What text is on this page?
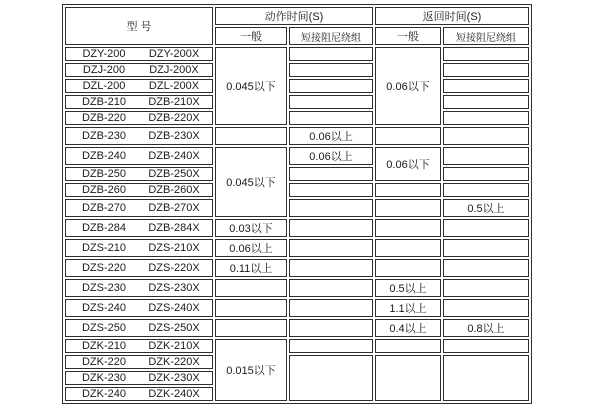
型 号	动作时间(S)		返回时间(S)	
	一般	短接阻尼绕组	一般	短接阻尼绕组

DZY-200 DZY-200X	0.045以下		0.06以下	

DZJ-200 DZJ-200X				

DZL-200 DZL-200X				

DZB-210 DZB-210X				

DZB-220 DZB-220X				

DZB-230 DZB-230X		0.06以上		

DZB-240 DZB-240X	0.045以下	0.06以上	0.06以下	

DZB-250 DZB-250X				

DZB-260 DZB-260X				

DZB-270 DZB-270X				0.5以上

DZB-284 DZB-284X	0.03以下			

DZS-210 DZS-210X	0.06以上			

DZS-220 DZS-220X	0.11以上			

DZS-230 DZS-230X			0.5以上	

DZS-240 DZS-240X			1.1以上	

DZS-250 DZS-250X			0.4以上	0.8以上

DZK-210 DZK-210X	0.015以下			

DZK-220 DZK-220X				

DZK-230 DZK-230X				

DZK-240 DZK-240X				
